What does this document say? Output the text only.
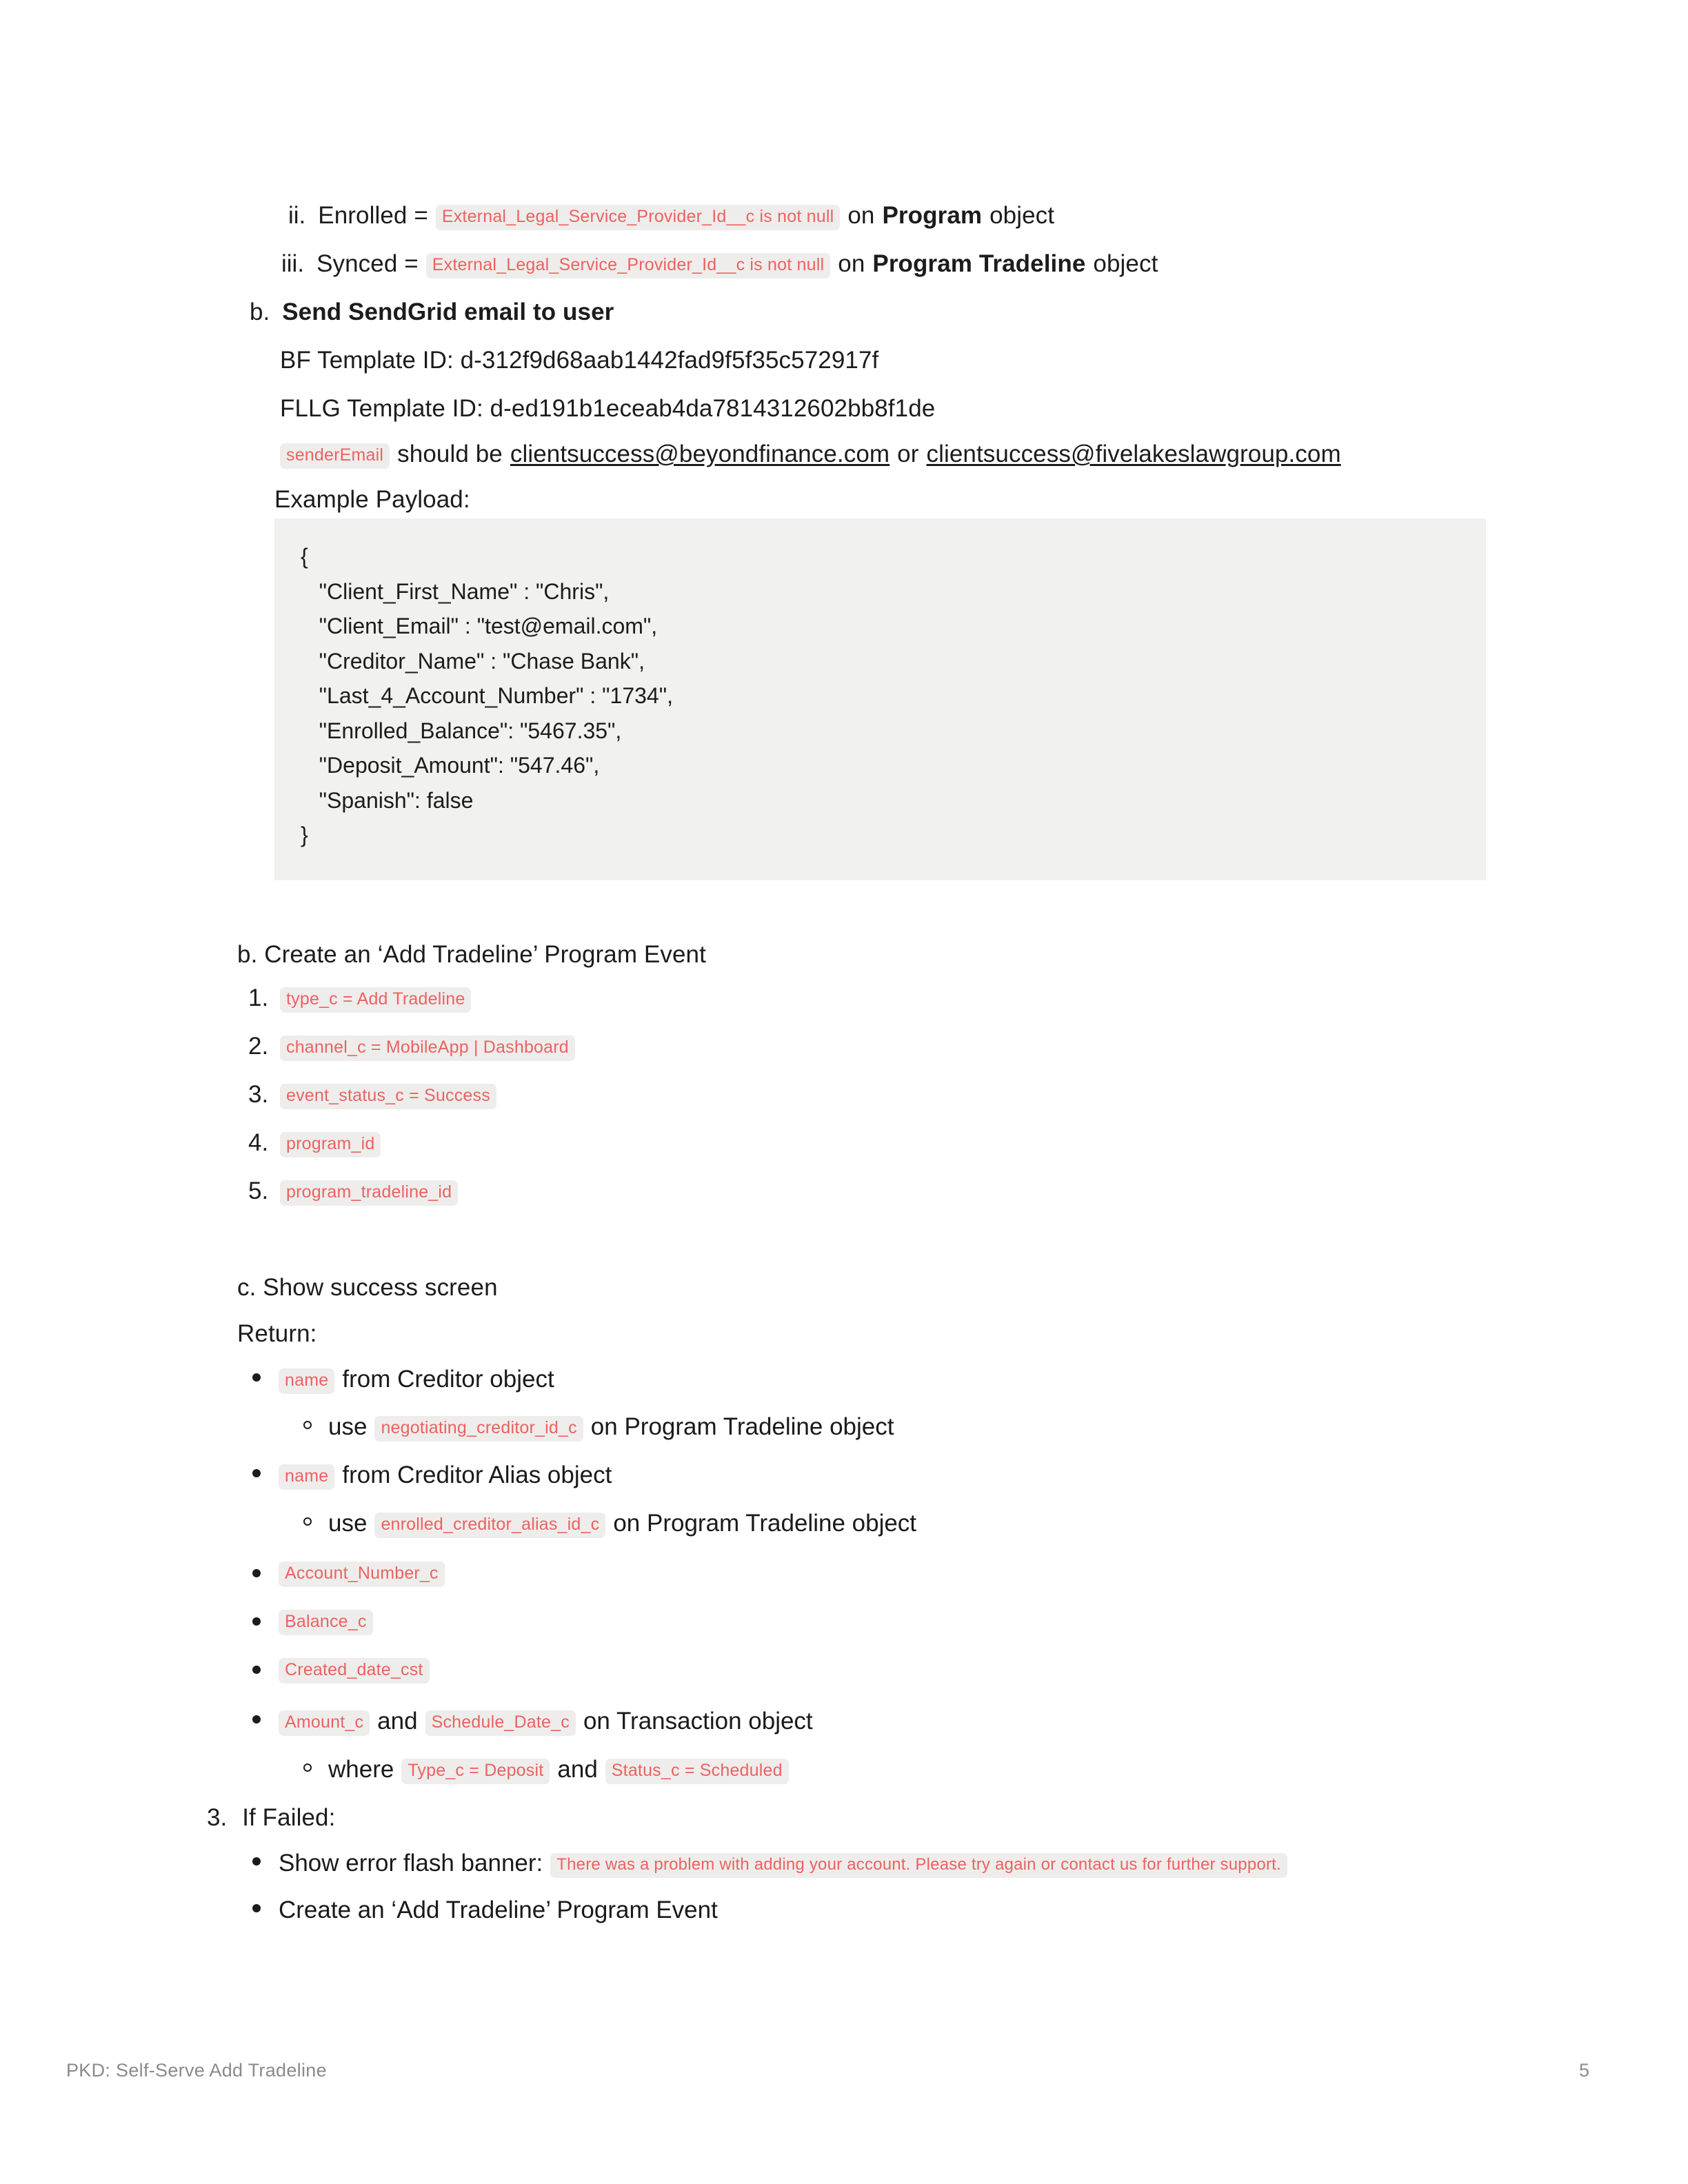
ii. Enrolled = External_Legal_Service_Provider_Id__c is not null on Program object
iii. Synced = External_Legal_Service_Provider_Id__c is not null on Program Tradeline object
b. Send SendGrid email to user
BF Template ID: d-312f9d68aab1442fad9f5f35c572917f
FLLG Template ID: d-ed191b1eceab4da7814312602bb8f1de
senderEmail should be clientsuccess@beyondfinance.com or clientsuccess@fivelakeslawgroup.com
Example Payload:
{
"Client_First_Name" : "Chris",
"Client_Email" : "test@email.com",
"Creditor_Name" : "Chase Bank",
"Last_4_Account_Number" : "1734",
"Enrolled_Balance": "5467.35",
"Deposit_Amount": "547.46",
"Spanish": false
}
b. Create an ‘Add Tradeline’ Program Event
1.	type_c = Add Tradeline
2.	channel_c = MobileApp | Dashboard
3.	event_status_c = Success
4.	program_id
5.	program_tradeline_id
c. Show success screen
Return:
name from Creditor object
use negotiating_creditor_id_c on Program Tradeline object
name from Creditor Alias object
use enrolled_creditor_alias_id_c on Program Tradeline object
Account_Number_c
Balance_c
Created_date_cst
Amount_c and Schedule_Date_c on Transaction object
where Type_c = Deposit and Status_c = Scheduled
3. If Failed:
Show error flash banner: There was a problem with adding your account. Please try again or contact us for further support.
Create an ‘Add Tradeline’ Program Event
PKD: Self-Serve Add Tradeline	5
